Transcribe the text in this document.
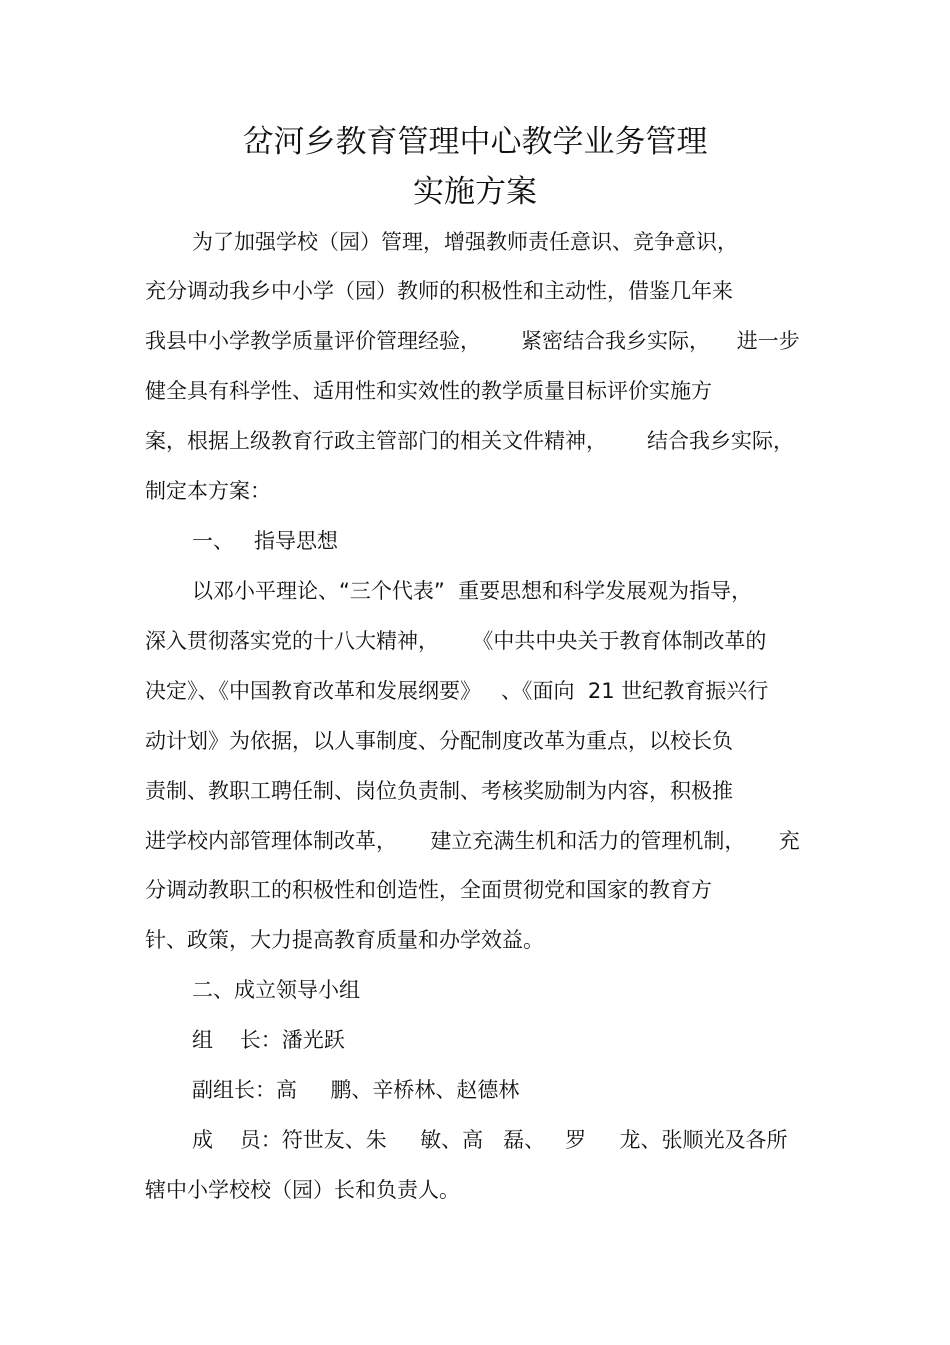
岔河乡教育管理中心教学业务管理
实施方案
为了加强学校（园）管理，增强教师责任意识、竞争意识，
充分调动我乡中小学（园）教师的积极性和主动性，借鉴几年来
我县中小学教学质量评价管理经验，      紧密结合我乡实际，    进一步
健全具有科学性、适用性和实效性的教学质量目标评价实施方
案，根据上级教育行政主管部门的相关文件精神，      结合我乡实际，
制定本方案：
一、   指导思想
以邓小平理论、“三个代表”  重要思想和科学发展观为指导，
深入贯彻落实党的十八大精神，     《中共中央关于教育体制改革的
决定》、《中国教育改革和发展纲要》   、《面向  21 世纪教育振兴行
动计划》为依据，以人事制度、分配制度改革为重点，以校长负
责制、教职工聘任制、岗位负责制、考核奖励制为内容，积极推
进学校内部管理体制改革，     建立充满生机和活力的管理机制，     充
分调动教职工的积极性和创造性，全面贯彻党和国家的教育方
针、政策，大力提高教育质量和办学效益。
二、成立领导小组
组    长：潘光跃
副组长：高     鹏、辛桥林、赵德林
成    员：符世友、朱     敏、高   磊、   罗     龙、张顺光及各所
辖中小学校校（园）长和负责人。
